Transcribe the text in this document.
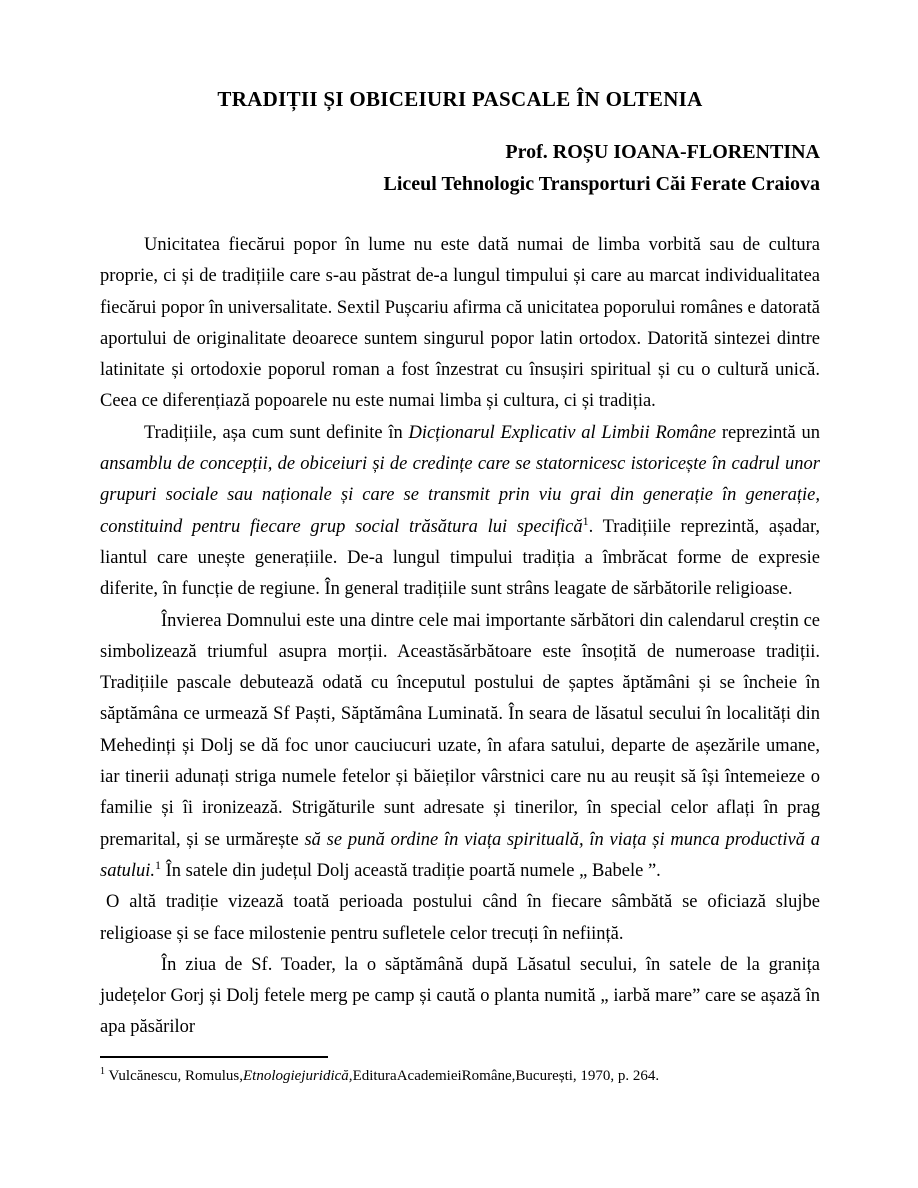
TRADIȚII ȘI OBICEIURI PASCALE ÎN OLTENIA

Prof. ROȘU IOANA-FLORENTINA

Liceul Tehnologic Transporturi Căi Ferate Craiova

Unicitatea fiecărui popor în lume nu este dată numai de limba vorbită sau de cultura proprie, ci și de tradițiile care s-au păstrat de-a lungul timpului și care au marcat individualitatea fiecărui popor în universalitate. Sextil Pușcariu afirma că unicitatea poporului românes e datorată aportului de originalitate deoarece suntem singurul popor latin ortodox. Datorită sintezei dintre latinitate și ortodoxie poporul roman a fost înzestrat cu însușiri spiritual și cu o cultură unică. Ceea ce diferențiază popoarele nu este numai limba și cultura, ci și tradiția.

Tradițiile, așa cum sunt definite în Dicționarul Explicativ al Limbii Române reprezintă un ansamblu de concepții, de obiceiuri și de credințe care se statornicesc istoricește în cadrul unor grupuri sociale sau naționale și care se transmit prin viu grai din generație în generație, constituind pentru fiecare grup social trăsătura lui specifică$^1$. Tradițiile reprezintă, așadar, liantul care unește generațiile. De-a lungul timpului tradiția a îmbrăcat forme de expresie diferite, în funcție de regiune. În general tradițiile sunt strâns leagate de sărbătorile religioase.

Învierea Domnului este una dintre cele mai importante sărbători din calendarul creștin ce simbolizează triumful asupra morții. Aceastăsărbătoare este însoțită de numeroase tradiții. Tradițiile pascale debutează odată cu începutul postului de șaptes ăptămâni și se încheie în săptămâna ce urmează Sf Paști, Săptămâna Luminată. În seara de lăsatul secului în localități din Mehedinți și Dolj se dă foc unor cauciucuri uzate, în afara satului, departe de așezările umane, iar tinerii adunați striga numele fetelor și băieților vârstnici care nu au reușit să își întemeieze o familie și îi ironizează. Strigăturile sunt adresate și tinerilor, în special celor aflați în prag premarital, și se urmărește să se pună ordine în viața spirituală, în viața și munca productivă a satului.$^1$ În satele din județul Dolj această tradiție poartă numele „ Babele ”.

O altă tradiție vizează toată perioada postului când în fiecare sâmbătă se oficiază slujbe religioase și se face milostenie pentru sufletele celor trecuți în neființă.

În ziua de Sf. Toader, la o săptămână după Lăsatul secului, în satele de la granița județelor Gorj și Dolj fetele merg pe camp și caută o planta numită „ iarbă mare” care se așază în apa păsărilor

$^1$ Vulcănescu, Romulus,Etnologiejuridică,EdituraAcademieiRomâne,București, 1970, p. 264.
